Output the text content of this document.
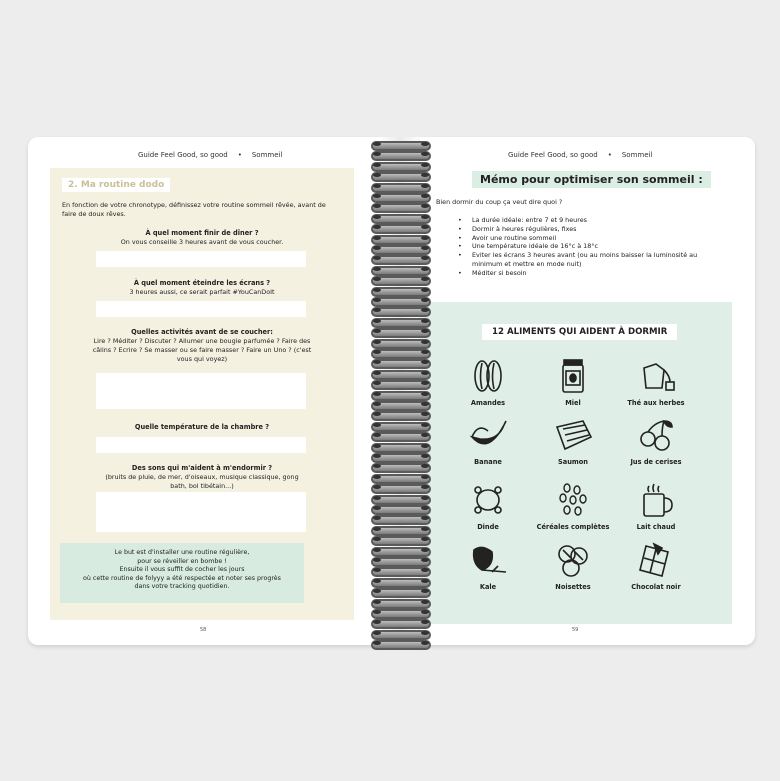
Guide Feel Good, so good • Sommeil
2. Ma routine dodo
En fonction de votre chronotype, définissez votre routine sommeil rêvée, avant de faire de doux rêves.
À quel moment finir de dîner ?
On vous conseille 3 heures avant de vous coucher.
À quel moment éteindre les écrans ?
3 heures aussi, ce serait parfait #YouCanDoIt
Quelles activités avant de se coucher:
Lire ? Méditer ? Discuter ? Allumer une bougie parfumée ? Faire des câlins ? Ecrire ? Se masser ou se faire masser ? Faire un Uno ? (c'est vous qui voyez)
Quelle température de la chambre ?
Des sons qui m'aident à m'endormir ?
(bruits de pluie, de mer, d'oiseaux, musique classique, gong bath, bol tibétain...)
Le but est d'installer une routine régulière,
pour se réveiller en bombe !
Ensuite il vous suffit de cocher les jours
où cette routine de folyyy a été respectée et noter ses progrès
dans votre tracking quotidien.
58
Guide Feel Good, so good • Sommeil
Mémo pour optimiser son sommeil :
Bien dormir du coup ça veut dire quoi ?
• La durée idéale: entre 7 et 9 heures
• Dormir à heures régulières, fixes
• Avoir une routine sommeil
• Une température idéale de 16°c à 18°c
• Eviter les écrans 3 heures avant (ou au moins baisser la luminosité au minimum et mettre en mode nuit)
• Méditer si besoin
12 ALIMENTS QUI AIDENT À DORMIR
Amandes	Miel	Thé aux herbes
Banane	Saumon	Jus de cerises
Dinde	Céréales complètes	Lait chaud
Kale	Noisettes	Chocolat noir
59
